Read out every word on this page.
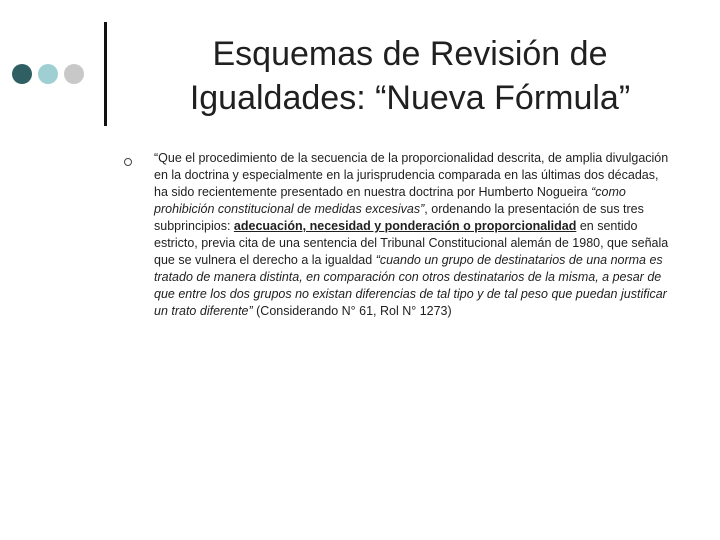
Esquemas de Revisión de
Igualdades: “Nueva Fórmula”
“Que el procedimiento de la secuencia de la proporcionalidad descrita, de amplia divulgación en la doctrina y especialmente en la jurisprudencia comparada en las últimas dos décadas, ha sido recientemente presentado en nuestra doctrina por Humberto Nogueira “como prohibición constitucional de medidas excesivas”, ordenando la presentación de sus tres subprincipios: adecuación, necesidad y ponderación o proporcionalidad en sentido estricto, previa cita de una sentencia del Tribunal Constitucional alemán de 1980, que señala que se vulnera el derecho a la igualdad “cuando un grupo de destinatarios de una norma es tratado de manera distinta, en comparación con otros destinatarios de la misma, a pesar de que entre los dos grupos no existan diferencias de tal tipo y de tal peso que puedan justificar un trato diferente” (Considerando N° 61, Rol N° 1273)
